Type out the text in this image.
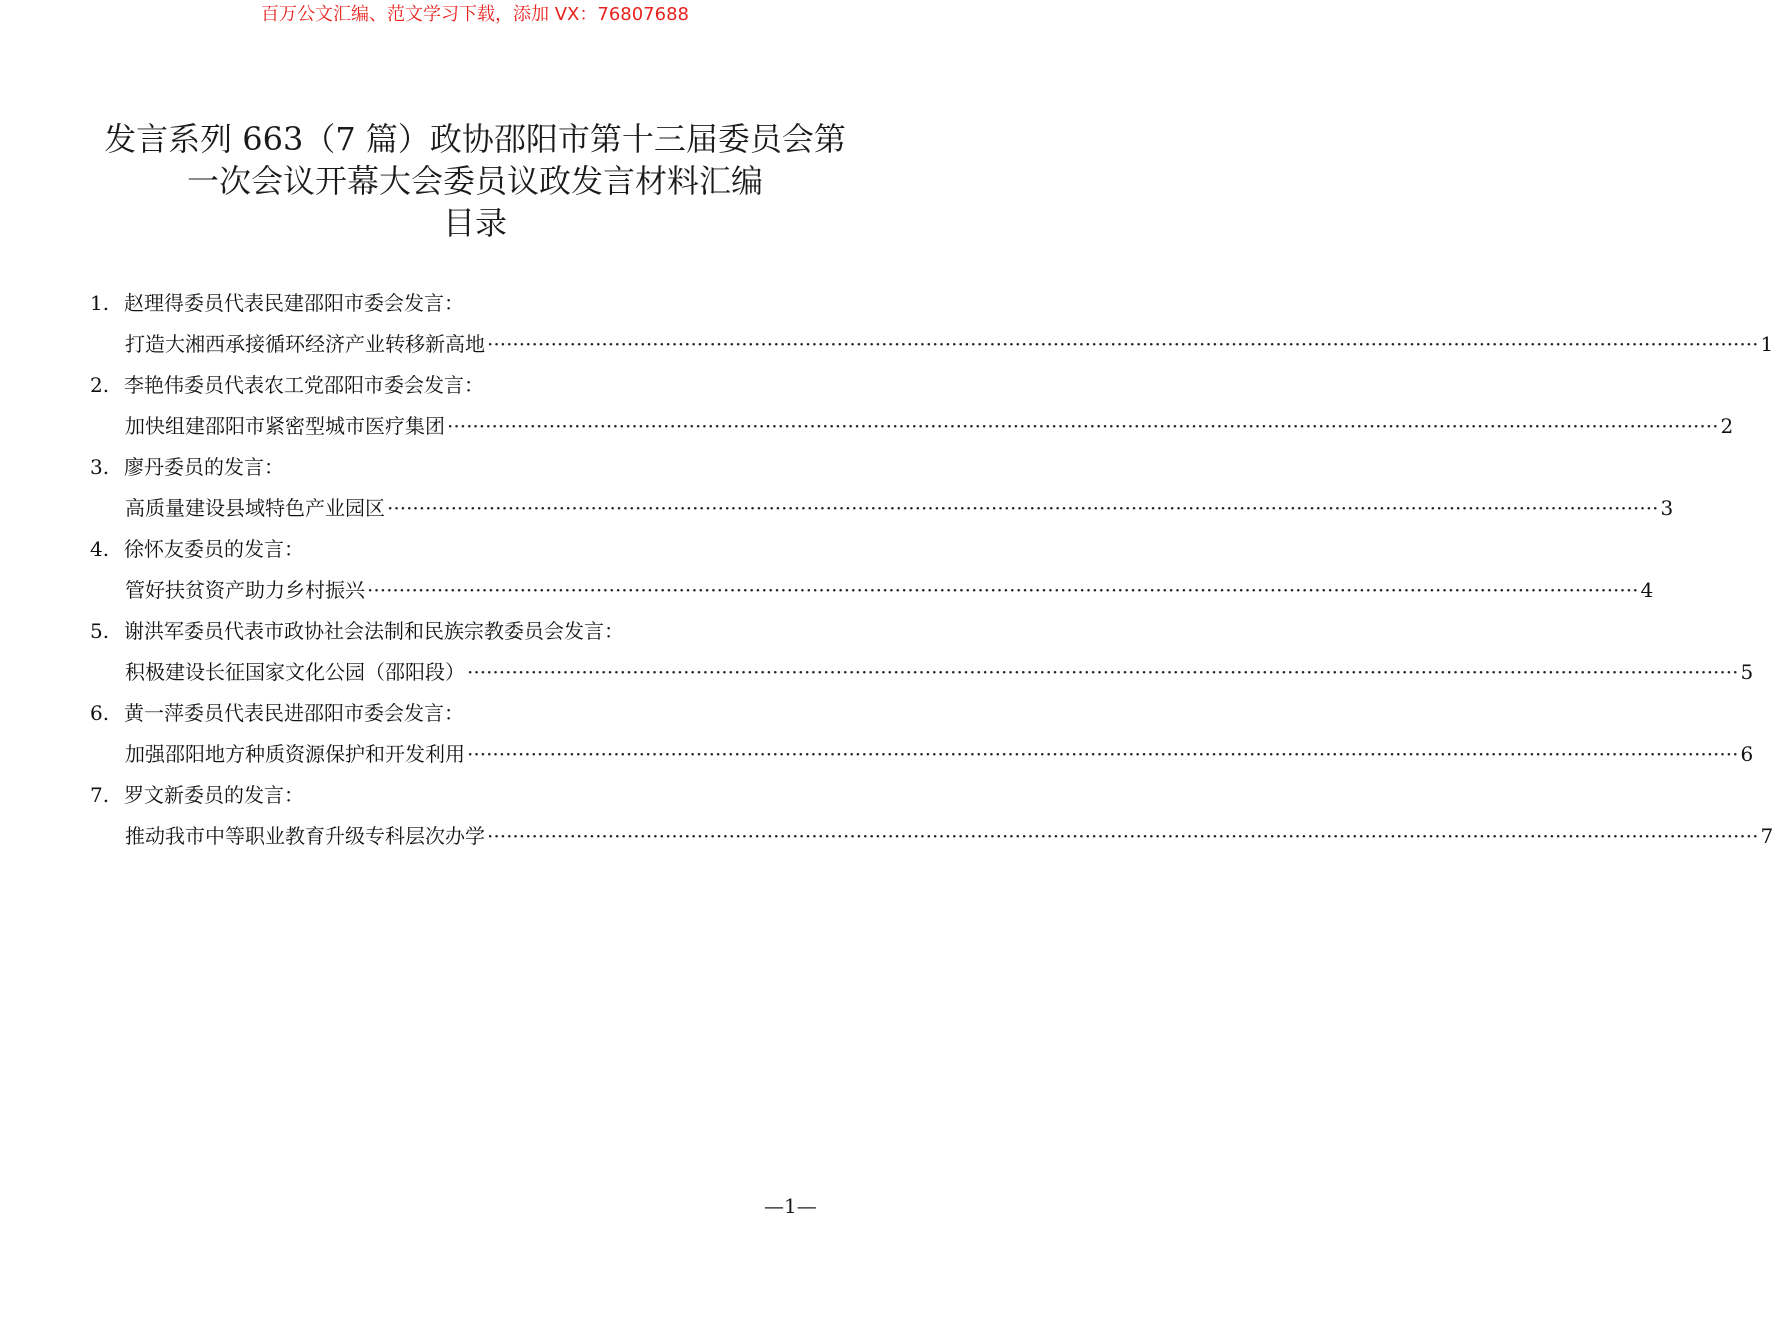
百万公文汇编、范文学习下载，添加 VX：76807688
发言系列 663（7 篇）政协邵阳市第十三届委员会第
一次会议开幕大会委员议政发言材料汇编
目录
1. 赵理得委员代表民建邵阳市委会发言：
打造大湘西承接循环经济产业转移新高地 ········································································································································································································ 1
2. 李艳伟委员代表农工党邵阳市委会发言：
加快组建邵阳市紧密型城市医疗集团 ········································································································································································································ 2
3. 廖丹委员的发言：
高质量建设县域特色产业园区 ········································································································································································································ 3
4. 徐怀友委员的发言：
管好扶贫资产助力乡村振兴 ········································································································································································································ 4
5. 谢洪军委员代表市政协社会法制和民族宗教委员会发言：
积极建设长征国家文化公园（邵阳段） ········································································································································································································ 5
6. 黄一萍委员代表民进邵阳市委会发言：
加强邵阳地方种质资源保护和开发利用 ········································································································································································································ 6
7. 罗文新委员的发言：
推动我市中等职业教育升级专科层次办学 ········································································································································································································ 7
—1—
